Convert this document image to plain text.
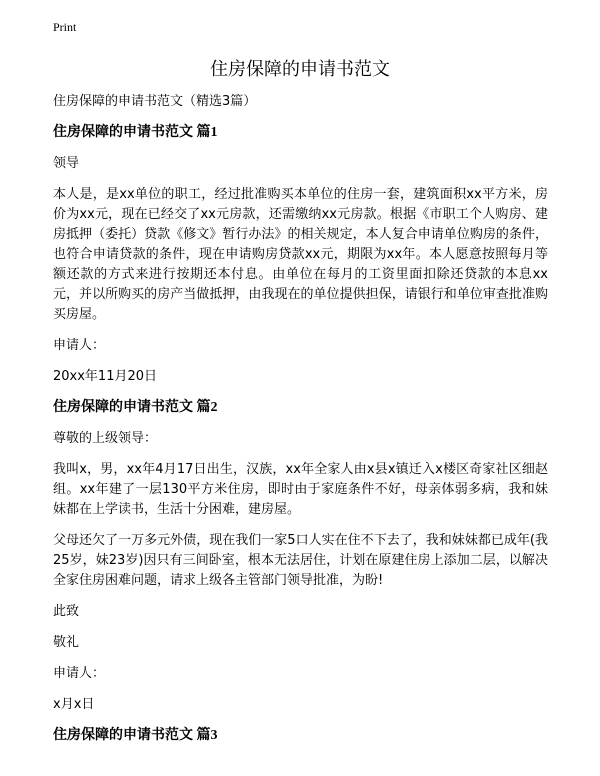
Print
住房保障的申请书范文

住房保障的申请书范文（精选3篇）

住房保障的申请书范文 篇1

领导

本人是，是xx单位的职工，经过批准购买本单位的住房一套，建筑面积xx平方米，房价为xx元，现在已经交了xx元房款，还需缴纳xx元房款。根据《市职工个人购房、建房抵押（委托）贷款《修文》暂行办法》的相关规定，本人复合申请单位购房的条件，也符合申请贷款的条件，现在申请购房贷款xx元，期限为xx年。本人愿意按照每月等额还款的方式来进行按期还本付息。由单位在每月的工资里面扣除还贷款的本息xx元，并以所购买的房产当做抵押，由我现在的单位提供担保，请银行和单位审查批准购买房屋。

申请人：

20xx年11月20日

住房保障的申请书范文 篇2

尊敬的上级领导：

我叫x，男，xx年4月17日出生，汉族，xx年全家人由x县x镇迁入x楼区奇家社区细赵组。xx年建了一层130平方米住房，即时由于家庭条件不好，母亲体弱多病，我和妹妹都在上学读书，生活十分困难，建房屋。

父母还欠了一万多元外债，现在我们一家5口人实在住不下去了，我和妹妹都已成年(我25岁，妹23岁)因只有三间卧室，根本无法居住，计划在原建住房上添加二层，以解决全家住房困难问题，请求上级各主管部门领导批准，为盼!

此致

敬礼

申请人：

x月x日

住房保障的申请书范文 篇3
